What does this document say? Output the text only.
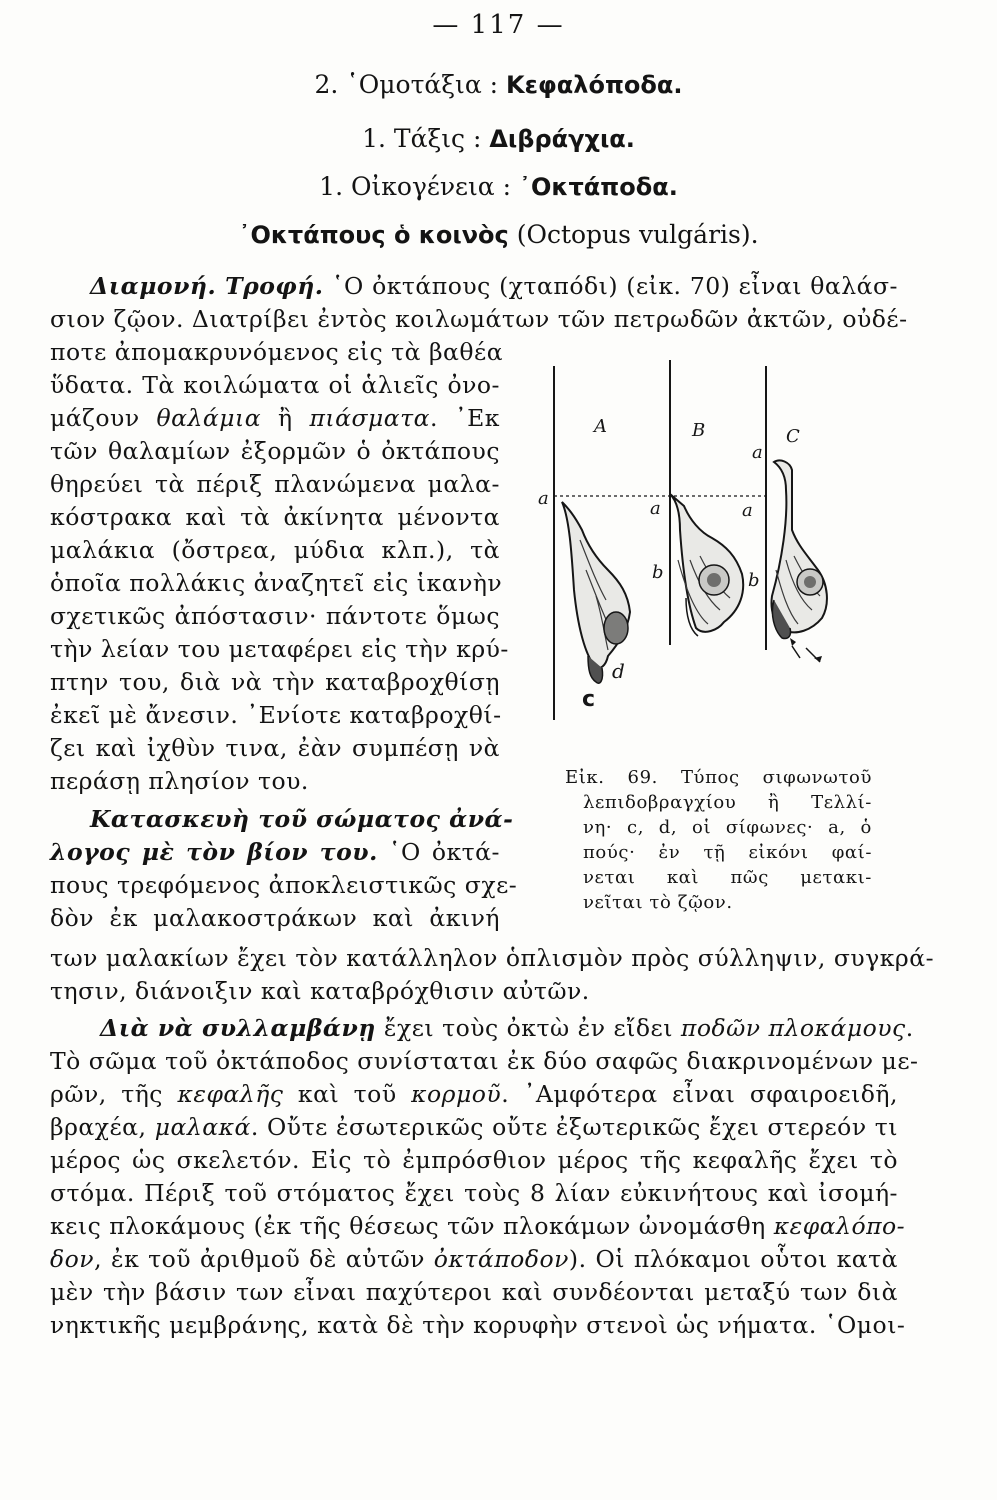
— 117 —
2. ῾Ομοτάξια : Κεφαλόποδα.
1. Τάξις : Διβράγχια.
1. Οἰκογένεια : ᾿Οκτάποδα.
᾿Οκτάπους ὁ κοινὸς (Octopus vulgáris).
Διαμονή. Τροφή. ῾Ο ὀκτάπους (χταπόδι) (εἰκ. 70) εἶναι θαλάσ-
σιον ζῷον. Διατρίβει ἐντὸς κοιλωμάτων τῶν πετρωδῶν ἀκτῶν, οὐδέ-
ποτε ἀπομακρυνόμενος εἰς τὰ βαθέα
ὕδατα. Τὰ κοιλώματα οἱ ἁλιεῖς ὀνο-
μάζουν θαλάμια ἢ πιάσματα. ᾿Εκ
τῶν θαλαμίων ἐξορμῶν ὁ ὀκτάπους
θηρεύει τὰ πέριξ πλανώμενα μαλα-
κόστρακα καὶ τὰ ἀκίνητα μένοντα
μαλάκια (ὄστρεα, μύδια κλπ.), τὰ
ὁποῖα πολλάκις ἀναζητεῖ εἰς ἱκανὴν
σχετικῶς ἀπόστασιν· πάντοτε ὅμως
τὴν λείαν του μεταφέρει εἰς τὴν κρύ-
πτην του, διὰ νὰ τὴν καταβροχθίσῃ
ἐκεῖ μὲ ἄνεσιν. ᾿Ενίοτε καταβροχθί-
ζει καὶ ἰχθὺν τινα, ἐὰν συμπέσῃ νὰ
περάσῃ πλησίον του.
Κατασκευὴ τοῦ σώματος ἀνά-
λογος μὲ τὸν βίον του. ῾Ο ὀκτά-
πους τρεφόμενος ἀποκλειστικῶς σχε-
δὸν ἐκ μαλακοστράκων καὶ ἀκινή
των μαλακίων ἔχει τὸν κατάλληλον ὁπλισμὸν πρὸς σύλληψιν, συγκρά-
τησιν, διάνοιξιν καὶ καταβρόχθισιν αὐτῶν.
Διὰ νὰ συλλαμβάνῃ ἔχει τοὺς ὀκτὼ ἐν εἴδει ποδῶν πλοκάμους.
Τὸ σῶμα τοῦ ὀκτάποδος συνίσταται ἐκ δύο σαφῶς διακρινομένων με-
ρῶν, τῆς κεφαλῆς καὶ τοῦ κορμοῦ. ᾿Αμφότερα εἶναι σφαιροειδῆ,
βραχέα, μαλακά. Οὔτε ἐσωτερικῶς οὔτε ἐξωτερικῶς ἔχει στερεόν τι
μέρος ὡς σκελετόν. Εἰς τὸ ἐμπρόσθιον μέρος τῆς κεφαλῆς ἔχει τὸ
στόμα. Πέριξ τοῦ στόματος ἔχει τοὺς 8 λίαν εὐκινήτους καὶ ἰσομή-
κεις πλοκάμους (ἐκ τῆς θέσεως τῶν πλοκάμων ὠνομάσθη κεφαλόπο-
δον, ἐκ τοῦ ἀριθμοῦ δὲ αὐτῶν ὀκτάποδον). Οἱ πλόκαμοι οὗτοι κατὰ
μὲν τὴν βάσιν των εἶναι παχύτεροι καὶ συνδέονται μεταξύ των διὰ
νηκτικῆς μεμβράνης, κατὰ δὲ τὴν κορυφὴν στενοὶ ὡς νήματα. ῾Ομοι-
A	B	C
a	a	a
a
b	b
d
c
Εἰκ. 69. Τύπος σιφωνωτοῦ
λεπιδοβραγχίου ἢ Τελλί-
νη· c, d, οἱ σίφωνες· a, ὁ
πούς· ἐν τῇ εἰκόνι φαί-
νεται καὶ πῶς μετακι-
νεῖται τὸ ζῷον.
